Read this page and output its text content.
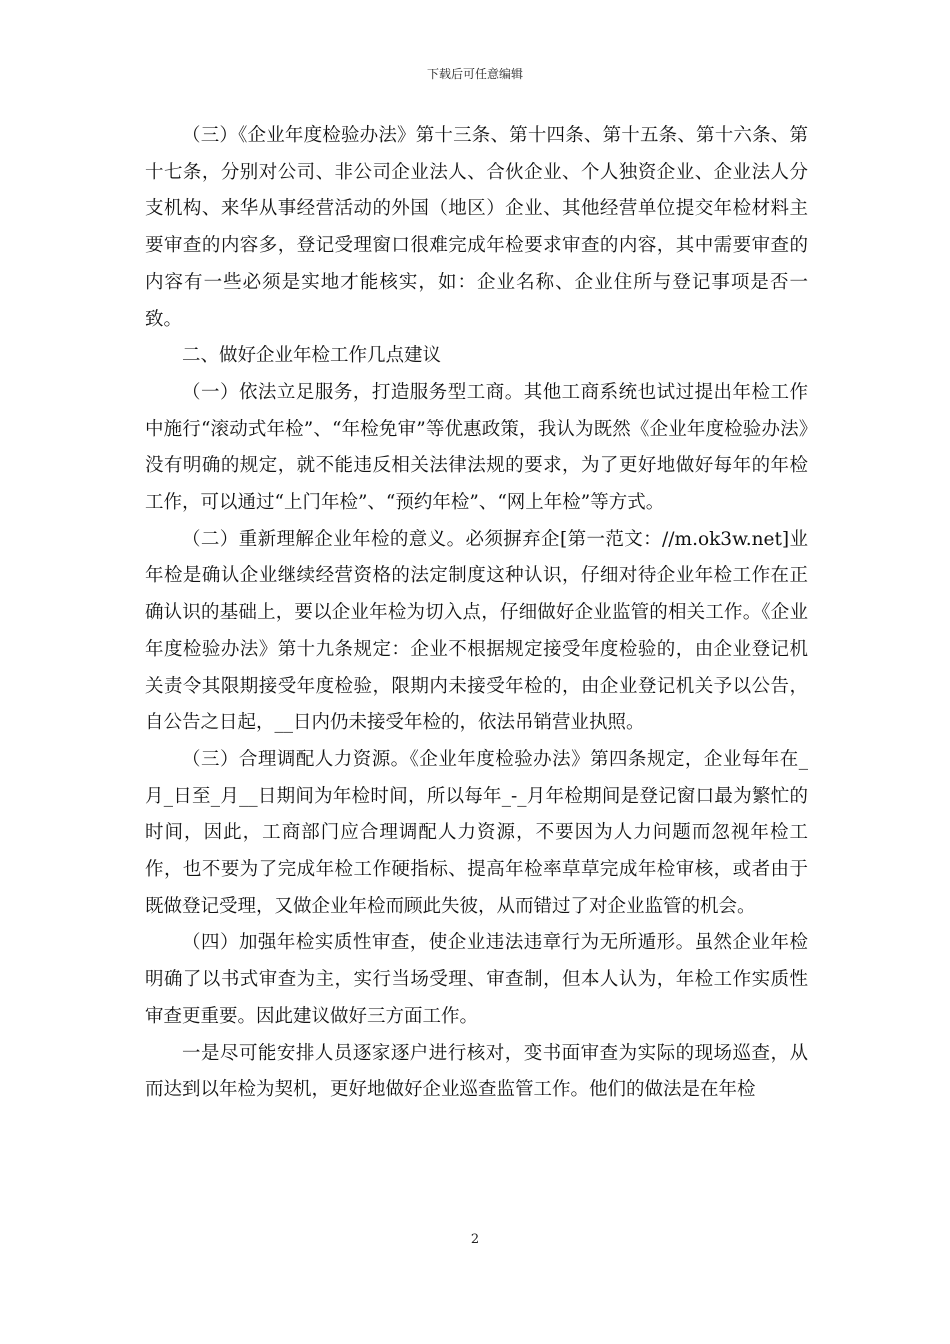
下载后可任意编辑

（三）《企业年度检验办法》第十三条、第十四条、第十五条、第十六条、第十七条，分别对公司、非公司企业法人、合伙企业、个人独资企业、企业法人分支机构、来华从事经营活动的外国（地区）企业、其他经营单位提交年检材料主要审查的内容多，登记受理窗口很难完成年检要求审查的内容，其中需要审查的内容有一些必须是实地才能核实，如：企业名称、企业住所与登记事项是否一致。

二、做好企业年检工作几点建议

（一）依法立足服务，打造服务型工商。其他工商系统也试过提出年检工作中施行“滚动式年检”、“年检免审”等优惠政策，我认为既然《企业年度检验办法》没有明确的规定，就不能违反相关法律法规的要求，为了更好地做好每年的年检工作，可以通过“上门年检”、“预约年检”、“网上年检”等方式。

（二）重新理解企业年检的意义。必须摒弃企[第一范文：//m.ok3w.net]业年检是确认企业继续经营资格的法定制度这种认识，仔细对待企业年检工作在正确认识的基础上，要以企业年检为切入点，仔细做好企业监管的相关工作。《企业年度检验办法》第十九条规定：企业不根据规定接受年度检验的，由企业登记机关责令其限期接受年度检验，限期内未接受年检的，由企业登记机关予以公告，自公告之日起，__日内仍未接受年检的，依法吊销营业执照。

（三）合理调配人力资源。《企业年度检验办法》第四条规定，企业每年在_月_日至_月__日期间为年检时间，所以每年_-_月年检期间是登记窗口最为繁忙的时间，因此，工商部门应合理调配人力资源，不要因为人力问题而忽视年检工作，也不要为了完成年检工作硬指标、提高年检率草草完成年检审核，或者由于既做登记受理，又做企业年检而顾此失彼，从而错过了对企业监管的机会。

（四）加强年检实质性审查，使企业违法违章行为无所遁形。虽然企业年检明确了以书式审查为主，实行当场受理、审查制，但本人认为，年检工作实质性审查更重要。因此建议做好三方面工作。

一是尽可能安排人员逐家逐户进行核对，变书面审查为实际的现场巡查，从而达到以年检为契机，更好地做好企业巡查监管工作。他们的做法是在年检

2
